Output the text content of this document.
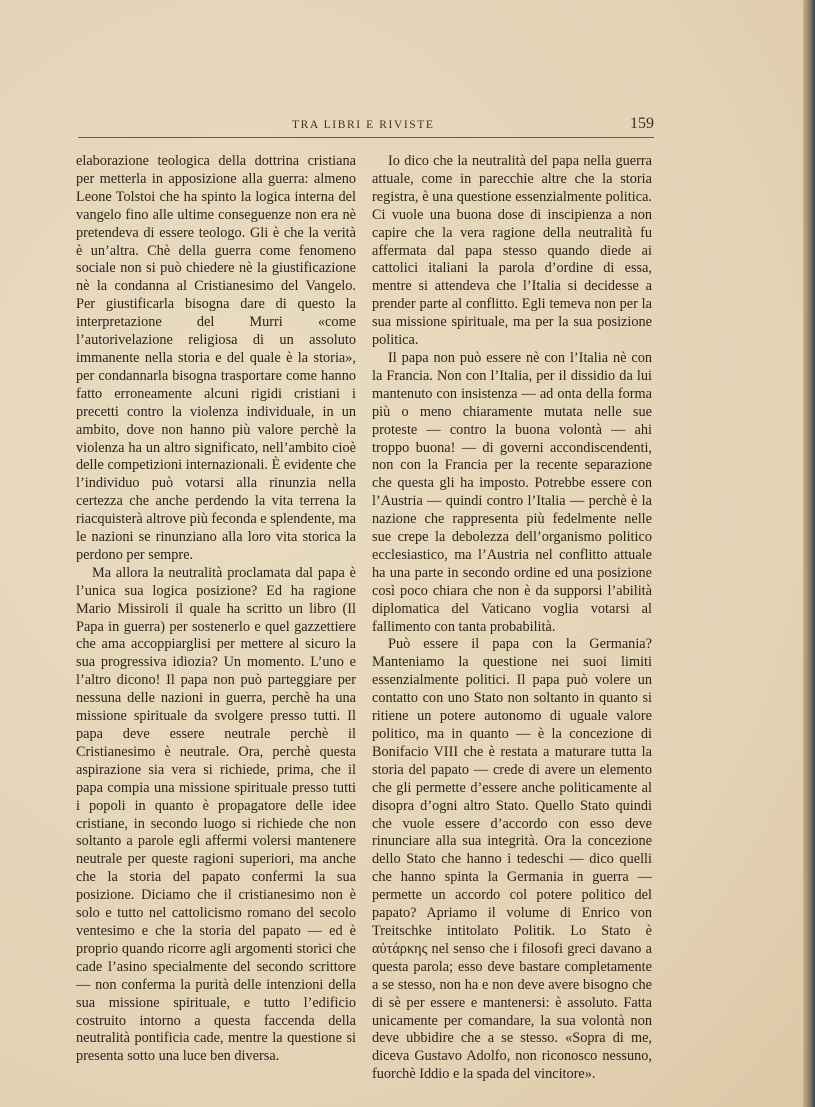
TRA LIBRI E RIVISTE	159

elaborazione teologica della dottrina cristiana per metterla in apposizione alla guerra: almeno Leone Tolstoi che ha spinto la logica interna del vangelo fino alle ultime conseguenze non era nè pretendeva di essere teologo. Gli è che la verità è un’altra. Chè della guerra come fenomeno sociale non si può chiedere nè la giustificazione nè la condanna al Cristianesimo del Vangelo. Per giustificarla bisogna dare di questo la interpretazione del Murri «come l’autorivelazione religiosa di un assoluto immanente nella storia e del quale è la storia», per condannarla bisogna trasportare come hanno fatto erroneamente alcuni rigidi cristiani i precetti contro la violenza individuale, in un ambito, dove non hanno più valore perchè la violenza ha un altro significato, nell’ambito cioè delle competizioni internazionali. È evidente che l’individuo può votarsi alla rinunzia nella certezza che anche perdendo la vita terrena la riacquisterà altrove più feconda e splendente, ma le nazioni se rinunziano alla loro vita storica la perdono per sempre.

Ma allora la neutralità proclamata dal papa è l’unica sua logica posizione? Ed ha ragione Mario Missiroli il quale ha scritto un libro (Il Papa in guerra) per sostenerlo e quel gazzettiere che ama accoppiarglisi per mettere al sicuro la sua progressiva idiozia? Un momento. L’uno e l’altro dicono! Il papa non può parteggiare per nessuna delle nazioni in guerra, perchè ha una missione spirituale da svolgere presso tutti. Il papa deve essere neutrale perchè il Cristianesimo è neutrale. Ora, perchè questa aspirazione sia vera si richiede, prima, che il papa compia una missione spirituale presso tutti i popoli in quanto è propagatore delle idee cristiane, in secondo luogo si richiede che non soltanto a parole egli affermi volersi mantenere neutrale per queste ragioni superiori, ma anche che la storia del papato confermi la sua posizione. Diciamo che il cristianesimo non è solo e tutto nel cattolicismo romano del secolo ventesimo e che la storia del papato — ed è proprio quando ricorre agli argomenti storici che cade l’asino specialmente del secondo scrittore — non conferma la purità delle intenzioni della sua missione spirituale, e tutto l’edificio costruito intorno a questa faccenda della neutralità pontificia cade, mentre la questione si presenta sotto una luce ben diversa.

Io dico che la neutralità del papa nella guerra attuale, come in parecchie altre che la storia registra, è una questione essenzialmente politica. Ci vuole una buona dose di inscipienza a non capire che la vera ragione della neutralità fu affermata dal papa stesso quando diede ai cattolici italiani la parola d’ordine di essa, mentre si attendeva che l’Italia si decidesse a prender parte al conflitto. Egli temeva non per la sua missione spirituale, ma per la sua posizione politica.

Il papa non può essere nè con l’Italia nè con la Francia. Non con l’Italia, per il dissidio da lui mantenuto con insistenza — ad onta della forma più o meno chiaramente mutata nelle sue proteste — contro la buona volontà — ahi troppo buona! — di governi accondiscendenti, non con la Francia per la recente separazione che questa gli ha imposto. Potrebbe essere con l’Austria — quindi contro l’Italia — perchè è la nazione che rappresenta più fedelmente nelle sue crepe la debolezza dell’organismo politico ecclesiastico, ma l’Austria nel conflitto attuale ha una parte in secondo ordine ed una posizione così poco chiara che non è da supporsi l’abilità diplomatica del Vaticano voglia votarsi al fallimento con tanta probabilità.

Può essere il papa con la Germania? Manteniamo la questione nei suoi limiti essenzialmente politici. Il papa può volere un contatto con uno Stato non soltanto in quanto si ritiene un potere autonomo di uguale valore politico, ma in quanto — è la concezione di Bonifacio VIII che è restata a maturare tutta la storia del papato — crede di avere un elemento che gli permette d’essere anche politicamente al disopra d’ogni altro Stato. Quello Stato quindi che vuole essere d’accordo con esso deve rinunciare alla sua integrità. Ora la concezione dello Stato che hanno i tedeschi — dico quelli che hanno spinta la Germania in guerra — permette un accordo col potere politico del papato? Apriamo il volume di Enrico von Treitschke intitolato Politik. Lo Stato è αὐτάρκης nel senso che i filosofi greci davano a questa parola; esso deve bastare completamente a se stesso, non ha e non deve avere bisogno che di sè per essere e mantenersi: è assoluto. Fatta unicamente per comandare, la sua volontà non deve ubbidire che a se stesso. «Sopra di me, diceva Gustavo Adolfo, non riconosco nessuno, fuorchè Iddio e la spada del vincitore».
